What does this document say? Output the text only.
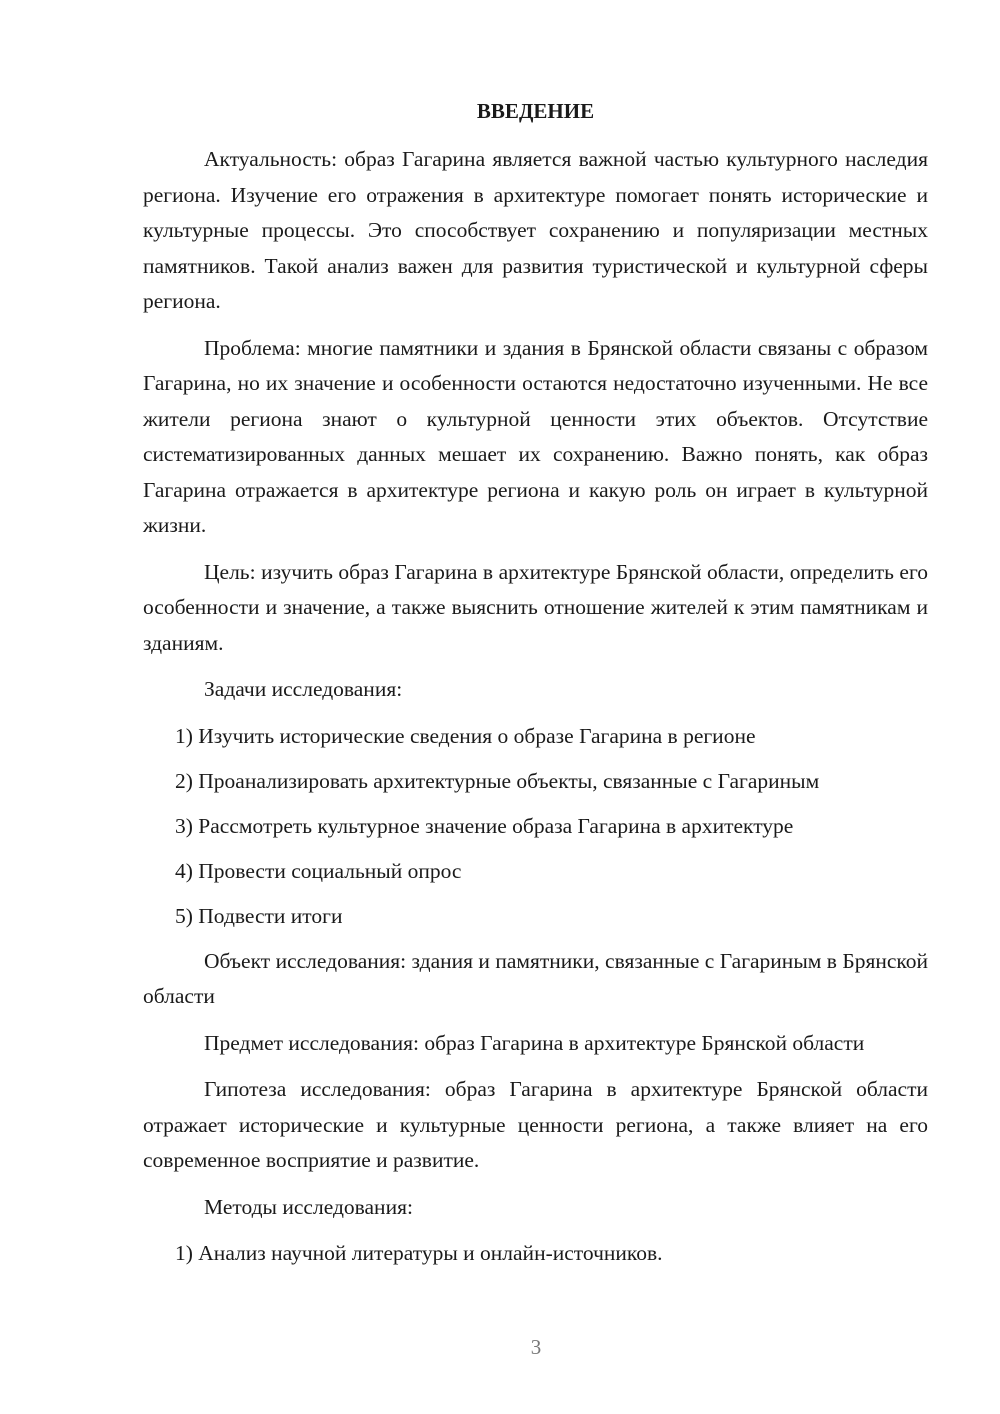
ВВЕДЕНИЕ

Актуальность: образ Гагарина является важной частью культурного наследия региона. Изучение его отражения в архитектуре помогает понять исторические и культурные процессы. Это способствует сохранению и популяризации местных памятников. Такой анализ важен для развития туристической и культурной сферы региона.

Проблема: многие памятники и здания в Брянской области связаны с образом Гагарина, но их значение и особенности остаются недостаточно изученными. Не все жители региона знают о культурной ценности этих объектов. Отсутствие систематизированных данных мешает их сохранению. Важно понять, как образ Гагарина отражается в архитектуре региона и какую роль он играет в культурной жизни.

Цель: изучить образ Гагарина в архитектуре Брянской области, определить его особенности и значение, а также выяснить отношение жителей к этим памятникам и зданиям.

Задачи исследования:

1) Изучить исторические сведения о образе Гагарина в регионе

2) Проанализировать архитектурные объекты, связанные с Гагариным

3) Рассмотреть культурное значение образа Гагарина в архитектуре

4) Провести социальный опрос

5) Подвести итоги

Объект исследования: здания и памятники, связанные с Гагариным в Брянской области

Предмет исследования: образ Гагарина в архитектуре Брянской области

Гипотеза исследования: образ Гагарина в архитектуре Брянской области отражает исторические и культурные ценности региона, а также влияет на его современное восприятие и развитие.

Методы исследования:

1) Анализ научной литературы и онлайн-источников.

3
